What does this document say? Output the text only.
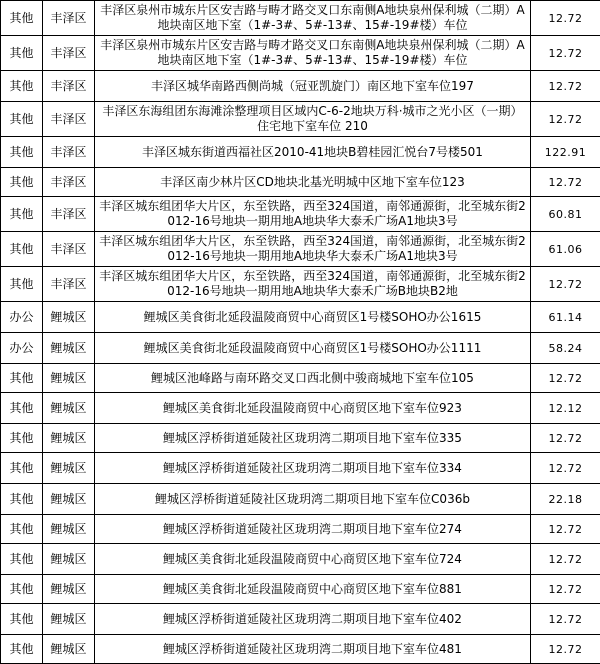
其他	丰泽区	丰泽区泉州市城东片区安吉路与畴才路交叉口东南侧A地块泉州保利城（二期）A地块南区地下室（1#-3#、5#-13#、15#-19#楼）车位	12.72
其他	丰泽区	丰泽区泉州市城东片区安吉路与畴才路交叉口东南侧A地块泉州保利城（二期）A地块南区地下室（1#-3#、5#-13#、15#-19#楼）车位	12.72
其他	丰泽区	丰泽区城华南路西侧尚城（冠亚凯旋门）南区地下室车位197	12.72
其他	丰泽区	丰泽区东海组团东海滩涂整理项目区域内C-6-2地块万科·城市之光小区（一期）住宅地下室车位 210	12.72
其他	丰泽区	丰泽区城东街道西福社区2010-41地块B碧桂园汇悦台7号楼501	122.91
其他	丰泽区	丰泽区南少林片区CD地块北基光明城中区地下室车位123	12.72
其他	丰泽区	丰泽区城东组团华大片区，东至铁路，西至324国道，南邻通源街，北至城东街2012-16号地块一期用地A地块华大泰禾广场A1地块3号	60.81
其他	丰泽区	丰泽区城东组团华大片区，东至铁路，西至324国道，南邻通源街，北至城东街2012-16号地块一期用地A地块华大泰禾广场A1地块3号	61.06
其他	丰泽区	丰泽区城东组团华大片区，东至铁路，西至324国道，南邻通源街，北至城东街2012-16号地块一期用地A地块华大泰禾广场B地块B2地	12.72
办公	鲤城区	鲤城区美食街北延段温陵商贸中心商贸区1号楼SOHO办公1615	61.14
办公	鲤城区	鲤城区美食街北延段温陵商贸中心商贸区1号楼SOHO办公1111	58.24
其他	鲤城区	鲤城区池峰路与南环路交叉口西北侧中骏商城地下室车位105	12.72
其他	鲤城区	鲤城区美食街北延段温陵商贸中心商贸区地下室车位923	12.12
其他	鲤城区	鲤城区浮桥街道延陵社区珑玥湾二期项目地下室车位335	12.72
其他	鲤城区	鲤城区浮桥街道延陵社区珑玥湾二期项目地下室车位334	12.72
其他	鲤城区	鲤城区浮桥街道延陵社区珑玥湾二期项目地下室车位C036b	22.18
其他	鲤城区	鲤城区浮桥街道延陵社区珑玥湾二期项目地下室车位274	12.72
其他	鲤城区	鲤城区美食街北延段温陵商贸中心商贸区地下室车位724	12.72
其他	鲤城区	鲤城区美食街北延段温陵商贸中心商贸区地下室车位881	12.72
其他	鲤城区	鲤城区浮桥街道延陵社区珑玥湾二期项目地下室车位402	12.72
其他	鲤城区	鲤城区浮桥街道延陵社区珑玥湾二期项目地下室车位481	12.72
